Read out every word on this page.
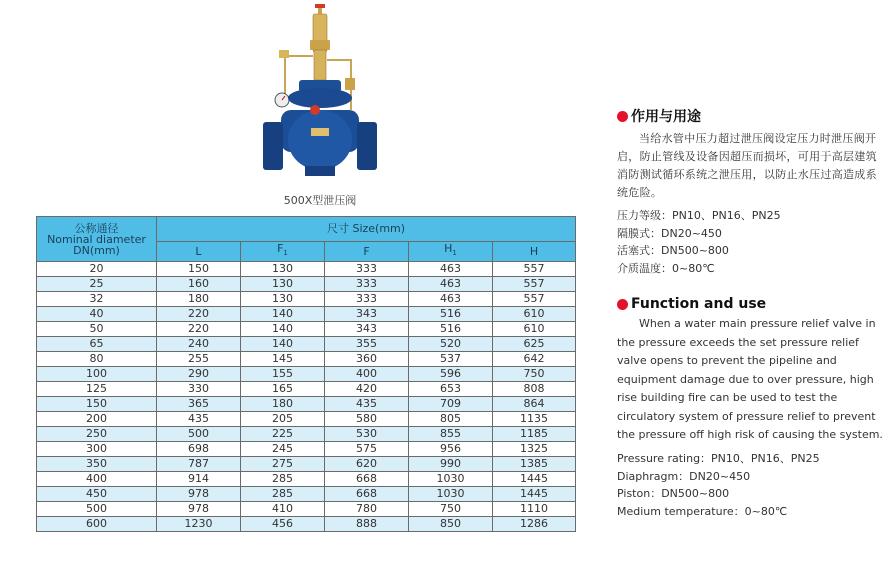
500X型泄压阀
公称通径
Nominal diameter
DN(mm)	尺寸 Size(mm)				
	L	$F_1$	F	$H_1$	H
20	150	130	333	463	557
25	160	130	333	463	557
32	180	130	333	463	557
40	220	140	343	516	610
50	220	140	343	516	610
65	240	140	355	520	625
80	255	145	360	537	642
100	290	155	400	596	750
125	330	165	420	653	808
150	365	180	435	709	864
200	435	205	580	805	1135
250	500	225	530	855	1185
300	698	245	575	956	1325
350	787	275	620	990	1385
400	914	285	668	1030	1445
450	978	285	668	1030	1445
500	978	410	780	750	1110
600	1230	456	888	850	1286
作用与用途

当给水管中压力超过泄压阀设定压力时泄压阀开启，防止管线及设备因超压而损坏，可用于高层建筑消防测试循环系统之泄压用，以防止水压过高造成系统危险。

压力等级：PN10、PN16、PN25

隔膜式：DN20~450

活塞式：DN500~800

介质温度：0~80℃

Function and use

When a water main pressure relief valve in the pressure exceeds the set pressure relief valve opens to prevent the pipeline and equipment damage due to over pressure, high rise building fire can be used to test the circulatory system of pressure relief to prevent the pressure off high risk of causing the system.

Pressure rating：PN10、PN16、PN25

Diaphragm：DN20~450

Piston：DN500~800

Medium temperature：0~80℃
